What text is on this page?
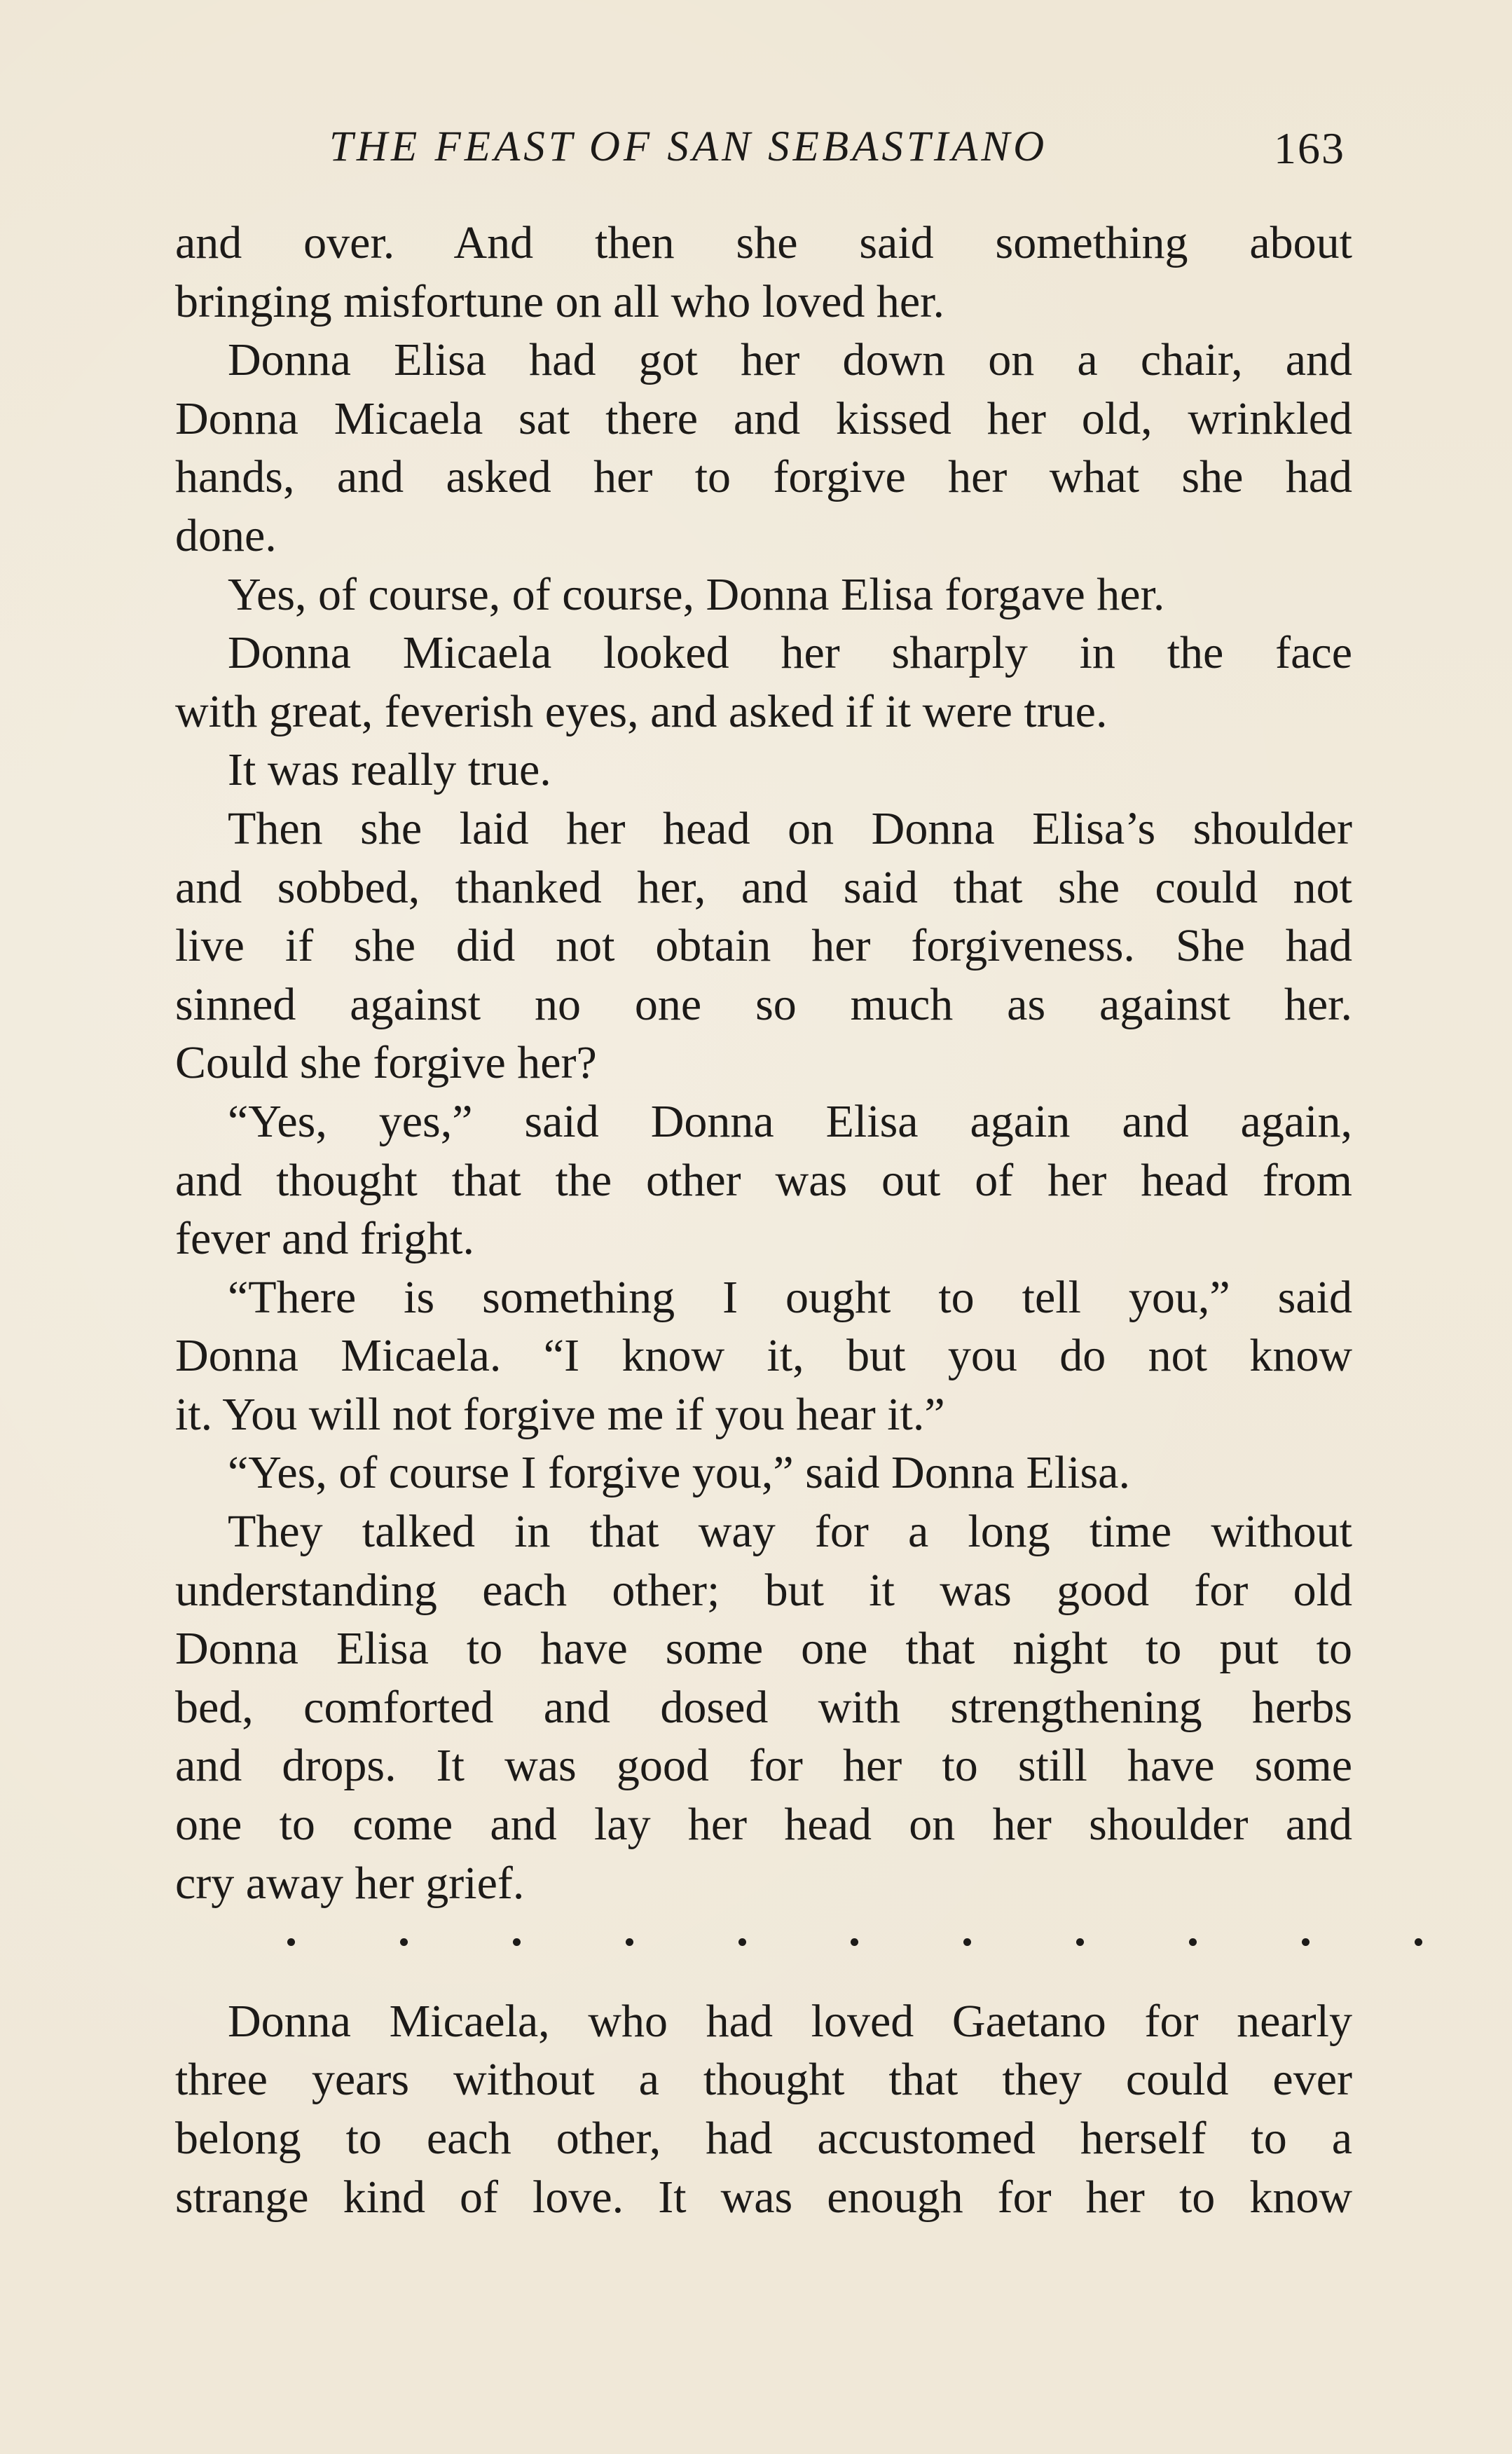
THE FEAST OF SAN SEBASTIANO	163
and over. And then she said something about
bringing misfortune on all who loved her.
Donna Elisa had got her down on a chair, and
Donna Micaela sat there and kissed her old, wrinkled
hands, and asked her to forgive her what she had
done.
Yes, of course, of course, Donna Elisa forgave her.
Donna Micaela looked her sharply in the face
with great, feverish eyes, and asked if it were true.
It was really true.
Then she laid her head on Donna Elisa’s shoulder
and sobbed, thanked her, and said that she could not
live if she did not obtain her forgiveness. She had
sinned against no one so much as against her.
Could she forgive her?
“Yes, yes,” said Donna Elisa again and again,
and thought that the other was out of her head from
fever and fright.
“There is something I ought to tell you,” said
Donna Micaela. “I know it, but you do not know
it. You will not forgive me if you hear it.”
“Yes, of course I forgive you,” said Donna Elisa.
They talked in that way for a long time without
understanding each other; but it was good for old
Donna Elisa to have some one that night to put to
bed, comforted and dosed with strengthening herbs
and drops. It was good for her to still have some
one to come and lay her head on her shoulder and
cry away her grief.
Donna Micaela, who had loved Gaetano for nearly
three years without a thought that they could ever
belong to each other, had accustomed herself to a
strange kind of love. It was enough for her to know
